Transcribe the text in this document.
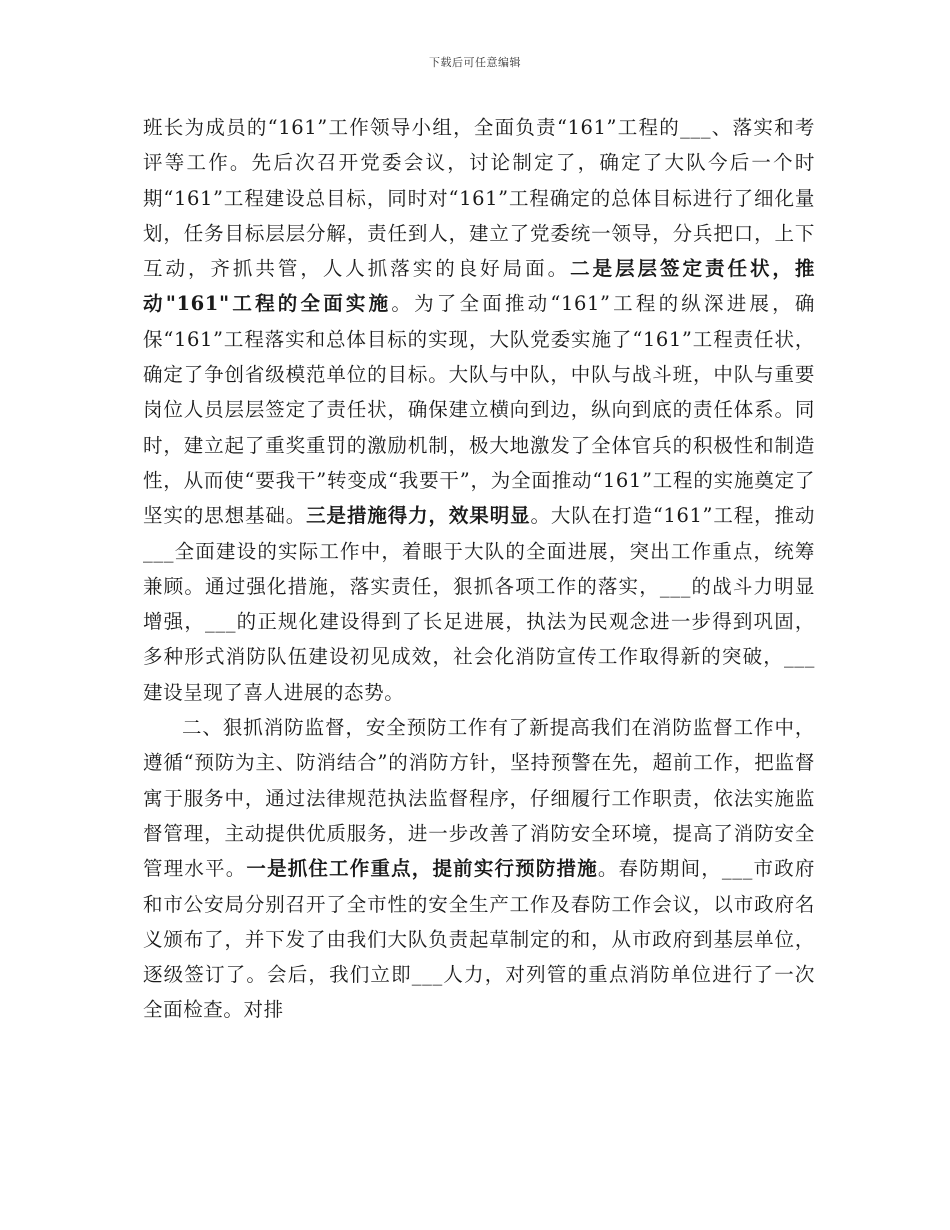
下载后可任意编辑

班长为成员的“161”工作领导小组，全面负责“161”工程的___、落实和考评等工作。先后次召开党委会议，讨论制定了，确定了大队今后一个时期“161”工程建设总目标，同时对“161”工程确定的总体目标进行了细化量划，任务目标层层分解，责任到人，建立了党委统一领导，分兵把口，上下互动，齐抓共管，人人抓落实的良好局面。二是层层签定责任状，推动"161"工程的全面实施。为了全面推动“161”工程的纵深进展，确保“161”工程落实和总体目标的实现，大队党委实施了“161”工程责任状，确定了争创省级模范单位的目标。大队与中队，中队与战斗班，中队与重要岗位人员层层签定了责任状，确保建立横向到边，纵向到底的责任体系。同时，建立起了重奖重罚的激励机制，极大地激发了全体官兵的积极性和制造性，从而使“要我干”转变成“我要干”，为全面推动“161”工程的实施奠定了坚实的思想基础。三是措施得力，效果明显。大队在打造“161”工程，推动___全面建设的实际工作中，着眼于大队的全面进展，突出工作重点，统筹兼顾。通过强化措施，落实责任，狠抓各项工作的落实，___的战斗力明显增强，___的正规化建设得到了长足进展，执法为民观念进一步得到巩固，多种形式消防队伍建设初见成效，社会化消防宣传工作取得新的突破，___建设呈现了喜人进展的态势。

二、狠抓消防监督，安全预防工作有了新提高我们在消防监督工作中，遵循“预防为主、防消结合”的消防方针，坚持预警在先，超前工作，把监督寓于服务中，通过法律规范执法监督程序，仔细履行工作职责，依法实施监督管理，主动提供优质服务，进一步改善了消防安全环境，提高了消防安全管理水平。一是抓住工作重点，提前实行预防措施。春防期间，___市政府和市公安局分别召开了全市性的安全生产工作及春防工作会议，以市政府名义颁布了，并下发了由我们大队负责起草制定的和，从市政府到基层单位，逐级签订了。会后，我们立即___人力，对列管的重点消防单位进行了一次全面检查。对排
